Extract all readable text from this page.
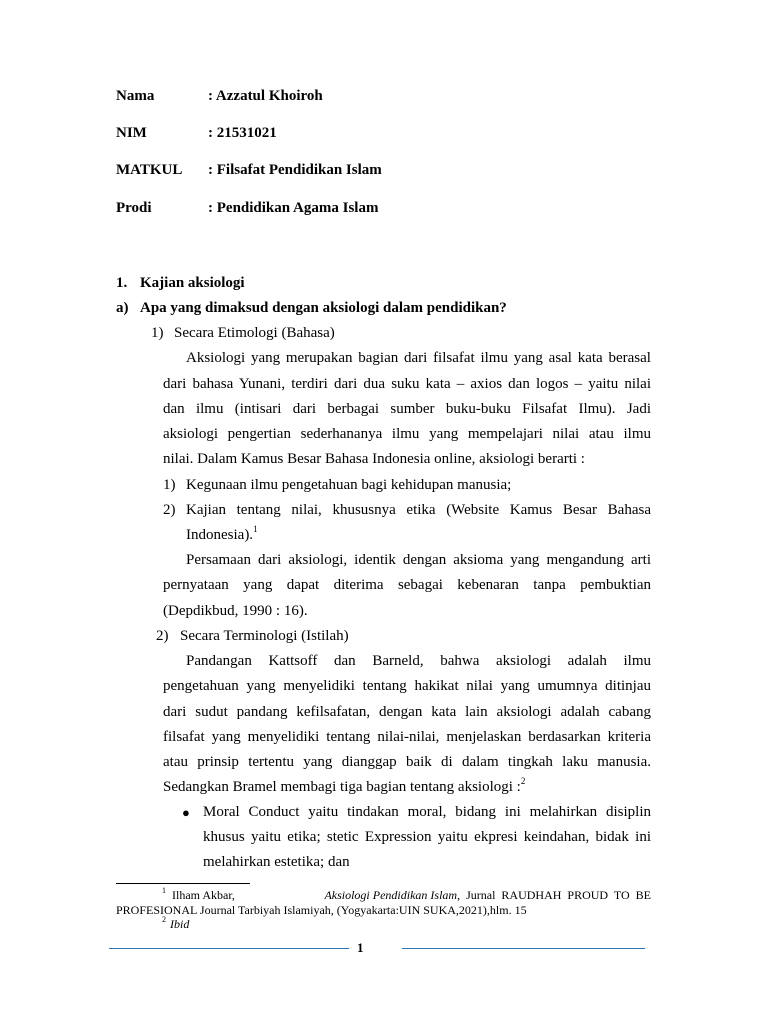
Nama	: Azzatul Khoiroh
NIM	: 21531021
MATKUL : Filsafat Pendidikan Islam
Prodi	: Pendidikan Agama Islam
1. Kajian aksiologi
a) Apa yang dimaksud dengan aksiologi dalam pendidikan?
1) Secara Etimologi (Bahasa)
Aksiologi yang merupakan bagian dari filsafat ilmu yang asal kata berasal
dari bahasa Yunani, terdiri dari dua suku kata – axios dan logos – yaitu nilai
dan ilmu (intisari dari berbagai sumber buku-buku Filsafat Ilmu). Jadi
aksiologi pengertian sederhananya ilmu yang mempelajari nilai atau ilmu
nilai. Dalam Kamus Besar Bahasa Indonesia online, aksiologi berarti :
1) Kegunaan ilmu pengetahuan bagi kehidupan manusia;
2) Kajian tentang nilai, khususnya etika (Website Kamus Besar Bahasa
Indonesia).$^1$
Persamaan dari aksiologi, identik dengan aksioma yang mengandung arti
pernyataan yang dapat diterima sebagai kebenaran tanpa pembuktian
(Depdikbud, 1990 : 16).
2) Secara Terminologi (Istilah)
Pandangan Kattsoff dan Barneld, bahwa aksiologi adalah ilmu
pengetahuan yang menyelidiki tentang hakikat nilai yang umumnya ditinjau
dari sudut pandang kefilsafatan, dengan kata lain aksiologi adalah cabang
filsafat yang menyelidiki tentang nilai-nilai, menjelaskan berdasarkan kriteria
atau prinsip tertentu yang dianggap baik di dalam tingkah laku manusia.
Sedangkan Bramel membagi tiga bagian tentang aksiologi :$^2$
● Moral Conduct yaitu tindakan moral, bidang ini melahirkan disiplin
khusus yaitu etika; stetic Expression yaitu ekpresi keindahan, bidak ini
melahirkan estetika; dan
$^1$ Ilham Akbar,	Aksiologi Pendidikan Islam, Jurnal RAUDHAH PROUD TO BE
PROFESIONAL Journal Tarbiyah Islamiyah, (Yogyakarta:UIN SUKA,2021),hlm. 15
$^2$ Ibid
1
